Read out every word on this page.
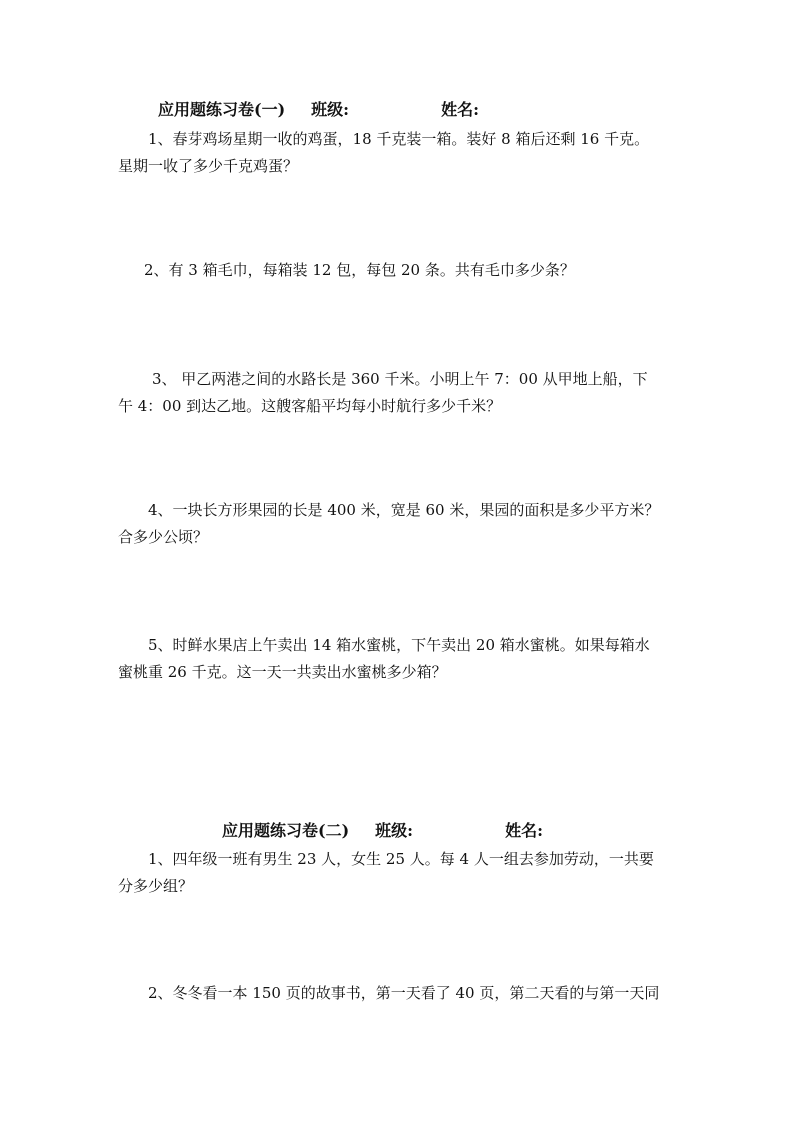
应用题练习卷(一) 班级:	姓名:
1、春芽鸡场星期一收的鸡蛋，18 千克装一箱。装好 8 箱后还剩 16 千克。
星期一收了多少千克鸡蛋？
2、有 3 箱毛巾，每箱装 12 包，每包 20 条。共有毛巾多少条？
3、 甲乙两港之间的水路长是 360 千米。小明上午 7：00 从甲地上船，下
午 4：00 到达乙地。这艘客船平均每小时航行多少千米？
4、一块长方形果园的长是 400 米，宽是 60 米，果园的面积是多少平方米？
合多少公顷？
5、时鲜水果店上午卖出 14 箱水蜜桃，下午卖出 20 箱水蜜桃。如果每箱水
蜜桃重 26 千克。这一天一共卖出水蜜桃多少箱？
应用题练习卷(二) 班级:	姓名:
1、四年级一班有男生 23 人，女生 25 人。每 4 人一组去参加劳动，一共要
分多少组？
2、冬冬看一本 150 页的故事书，第一天看了 40 页，第二天看的与第一天同
